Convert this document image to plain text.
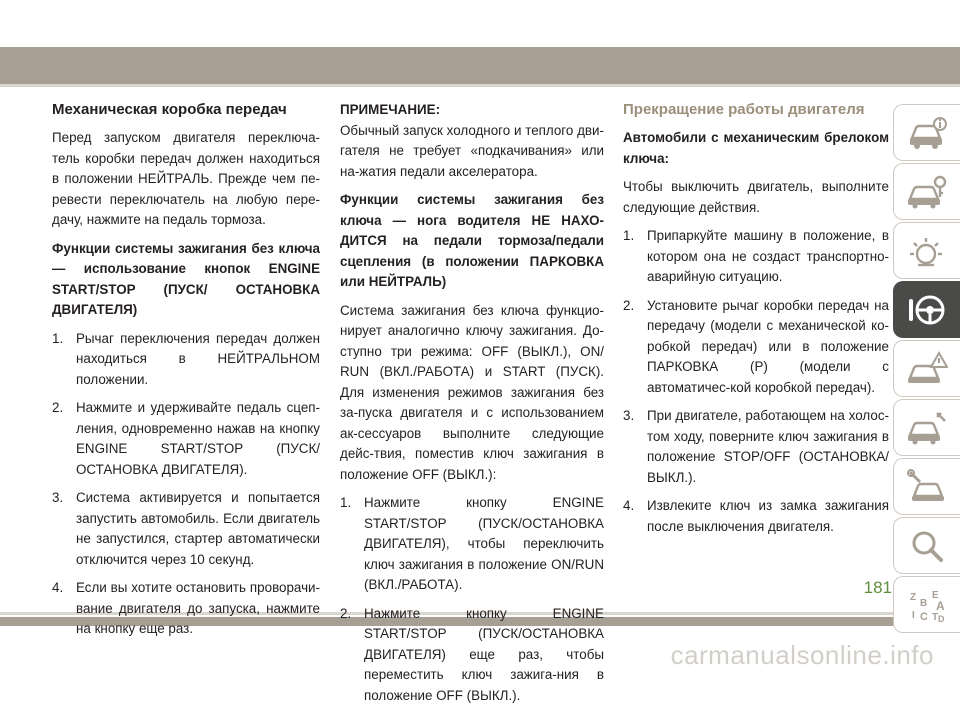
Механическая коробка передач

Перед запуском двигателя переключа-тель коробки передач должен находиться в положении НЕЙТРАЛЬ. Прежде чем пе-ревести переключатель на любую пере-дачу, нажмите на педаль тормоза.

Функции системы зажигания без ключа — использование кнопок ENGINE START/STOP (ПУСК/ ОСТАНОВКА ДВИГАТЕЛЯ)

1. Рычаг переключения передач должен находиться в НЕЙТРАЛЬНОМ положении.
2. Нажмите и удерживайте педаль сцеп-ления, одновременно нажав на кнопку ENGINE START/STOP (ПУСК/ ОСТАНОВКА ДВИГАТЕЛЯ).
3. Система активируется и попытается запустить автомобиль. Если двигатель не запустился, стартер автоматически отключится через 10 секунд.
4. Если вы хотите остановить проворачи-вание двигателя до запуска, нажмите на кнопку еще раз.

ПРИМЕЧАНИЕ:

Обычный запуск холодного и теплого дви-гателя не требует «подкачивания» или на-жатия педали акселератора.

Функции системы зажигания без ключа — нога водителя НЕ НАХО-ДИТСЯ на педали тормоза/педали сцепления (в положении ПАРКОВКА или НЕЙТРАЛЬ)

Система зажигания без ключа функцио-нирует аналогично ключу зажигания. До-ступно три режима: OFF (ВЫКЛ.), ON/ RUN (ВКЛ./РАБОТА) и START (ПУСК). Для изменения режимов зажигания без за-пуска двигателя и с использованием ак-сессуаров выполните следующие дейс-твия, поместив ключ зажигания в положение OFF (ВЫКЛ.):

1. Нажмите кнопку ENGINE START/STOP (ПУСК/ОСТАНОВКА ДВИГАТЕЛЯ), чтобы переключить ключ зажигания в положение ON/RUN (ВКЛ./РАБОТА).
2. Нажмите кнопку ENGINE START/STOP (ПУСК/ОСТАНОВКА ДВИГАТЕЛЯ) еще раз, чтобы переместить ключ зажига-ния в положение OFF (ВЫКЛ.).
Прекращение работы двигателя

Автомобили с механическим брелоком ключа:

Чтобы выключить двигатель, выполните следующие действия.

1. Припаркуйте машину в положение, в котором она не создаст транспортно-аварийную ситуацию.
2. Установите рычаг коробки передач на передачу (модели с механической ко-робкой передач) или в положение ПАРКОВКА (P) (модели с автоматичес-кой коробкой передач).
3. При двигателе, работающем на холос-том ходу, поверните ключ зажигания в положение STOP/OFF (ОСТАНОВКА/ВЫКЛ.).
4. Извлеките ключ из замка зажигания после выключения двигателя.
Z
B
E
A
I C T D
181
carmanualsonline.info
